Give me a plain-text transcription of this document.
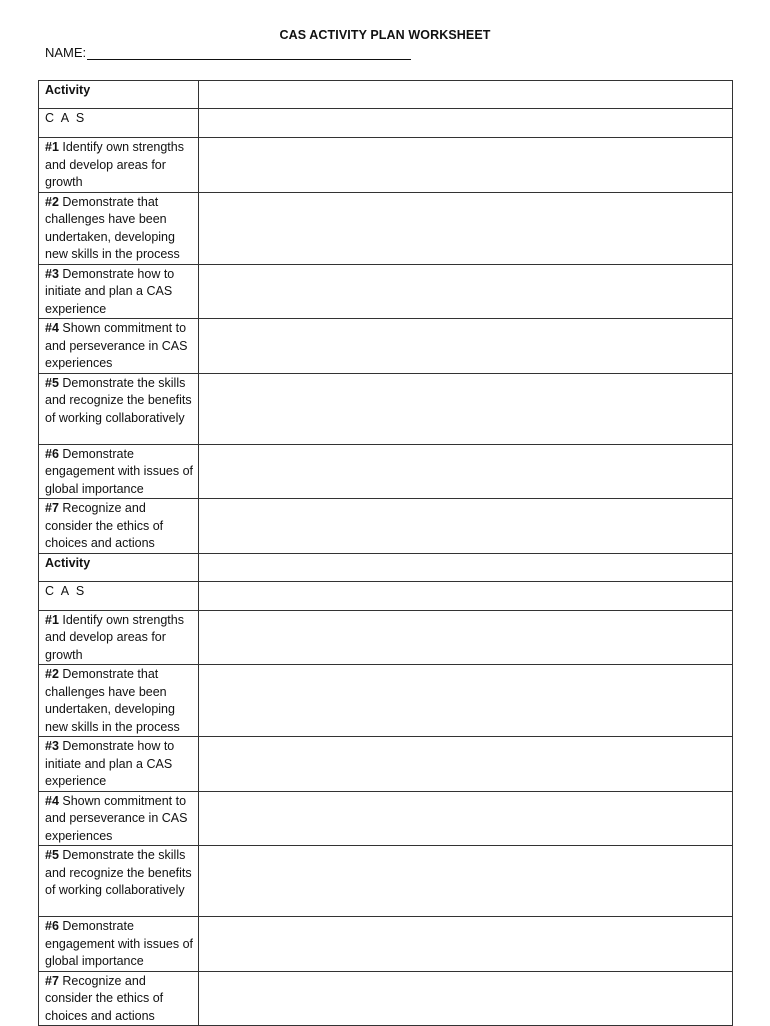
CAS ACTIVITY PLAN WORKSHEET
NAME:
Activity	
C A S	
#1 Identify own strengths and develop areas for growth	
#2 Demonstrate that challenges have been undertaken, developing new skills in the process	
#3 Demonstrate how to initiate and plan a CAS experience	
#4 Shown commitment to and perseverance in CAS experiences	
#5 Demonstrate the skills and recognize the benefits of working collaboratively	
#6 Demonstrate engagement with issues of global importance	
#7 Recognize and consider the ethics of choices and actions	
Activity	
C A S	
#1 Identify own strengths and develop areas for growth	
#2 Demonstrate that challenges have been undertaken, developing new skills in the process	
#3 Demonstrate how to initiate and plan a CAS experience	
#4 Shown commitment to and perseverance in CAS experiences	
#5 Demonstrate the skills and recognize the benefits of working collaboratively	
#6 Demonstrate engagement with issues of global importance	
#7 Recognize and consider the ethics of choices and actions	
